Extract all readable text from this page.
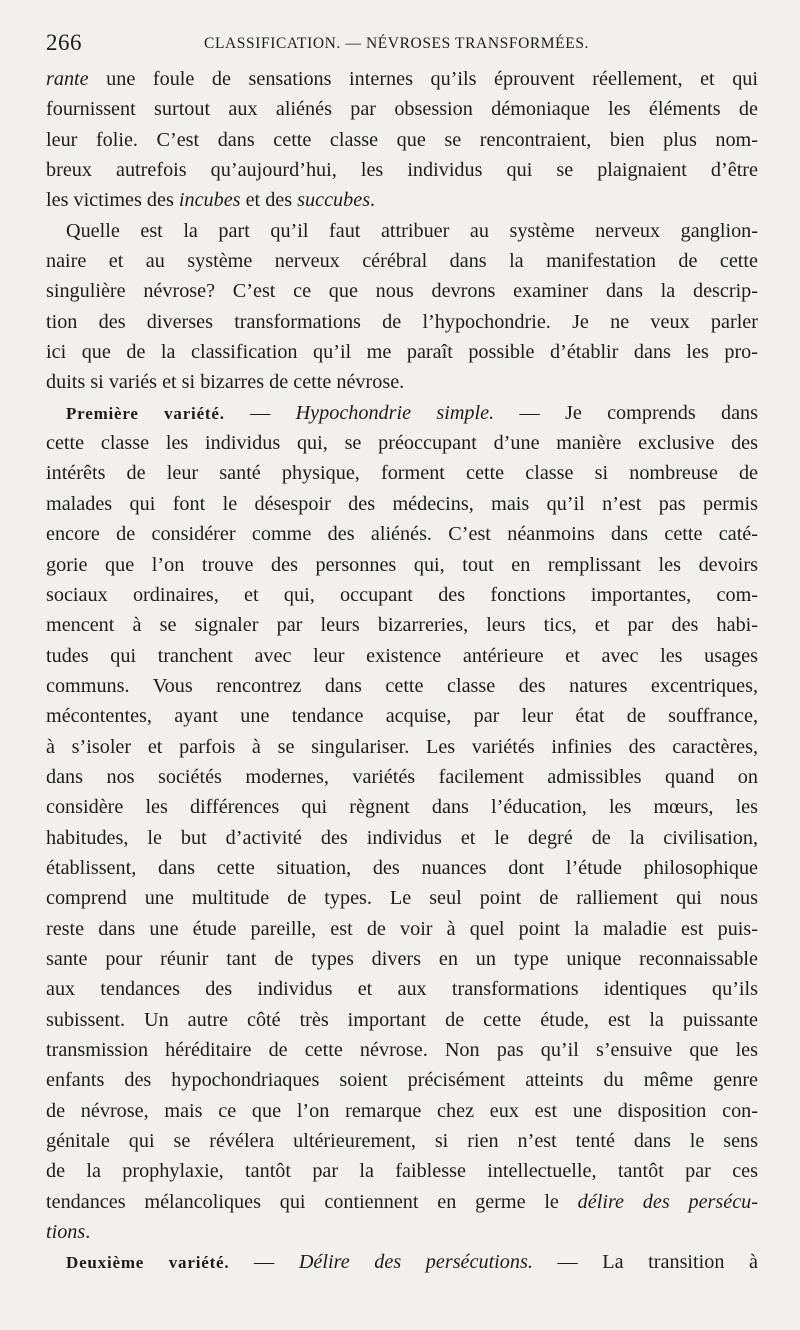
266	CLASSIFICATION. — NÉVROSES TRANSFORMÉES.
rante une foule de sensations internes qu’ils éprouvent réellement, et qui
fournissent surtout aux aliénés par obsession démoniaque les éléments de
leur folie. C’est dans cette classe que se rencontraient, bien plus nom-
breux autrefois qu’aujourd’hui, les individus qui se plaignaient d’être
les victimes des incubes et des succubes.
Quelle est la part qu’il faut attribuer au système nerveux ganglion-
naire et au système nerveux cérébral dans la manifestation de cette
singulière névrose? C’est ce que nous devrons examiner dans la descrip-
tion des diverses transformations de l’hypochondrie. Je ne veux parler
ici que de la classification qu’il me paraît possible d’établir dans les pro-
duits si variés et si bizarres de cette névrose.
Première variété. — Hypochondrie simple. — Je comprends dans
cette classe les individus qui, se préoccupant d’une manière exclusive des
intérêts de leur santé physique, forment cette classe si nombreuse de
malades qui font le désespoir des médecins, mais qu’il n’est pas permis
encore de considérer comme des aliénés. C’est néanmoins dans cette caté-
gorie que l’on trouve des personnes qui, tout en remplissant les devoirs
sociaux ordinaires, et qui, occupant des fonctions importantes, com-
mencent à se signaler par leurs bizarreries, leurs tics, et par des habi-
tudes qui tranchent avec leur existence antérieure et avec les usages
communs. Vous rencontrez dans cette classe des natures excentriques,
mécontentes, ayant une tendance acquise, par leur état de souffrance,
à s’isoler et parfois à se singulariser. Les variétés infinies des caractères,
dans nos sociétés modernes, variétés facilement admissibles quand on
considère les différences qui règnent dans l’éducation, les mœurs, les
habitudes, le but d’activité des individus et le degré de la civilisation,
établissent, dans cette situation, des nuances dont l’étude philosophique
comprend une multitude de types. Le seul point de ralliement qui nous
reste dans une étude pareille, est de voir à quel point la maladie est puis-
sante pour réunir tant de types divers en un type unique reconnaissable
aux tendances des individus et aux transformations identiques qu’ils
subissent. Un autre côté très important de cette étude, est la puissante
transmission héréditaire de cette névrose. Non pas qu’il s’ensuive que les
enfants des hypochondriaques soient précisément atteints du même genre
de névrose, mais ce que l’on remarque chez eux est une disposition con-
génitale qui se révélera ultérieurement, si rien n’est tenté dans le sens
de la prophylaxie, tantôt par la faiblesse intellectuelle, tantôt par ces
tendances mélancoliques qui contiennent en germe le délire des persécu-
tions.
Deuxième variété. — Délire des persécutions. — La transition à
